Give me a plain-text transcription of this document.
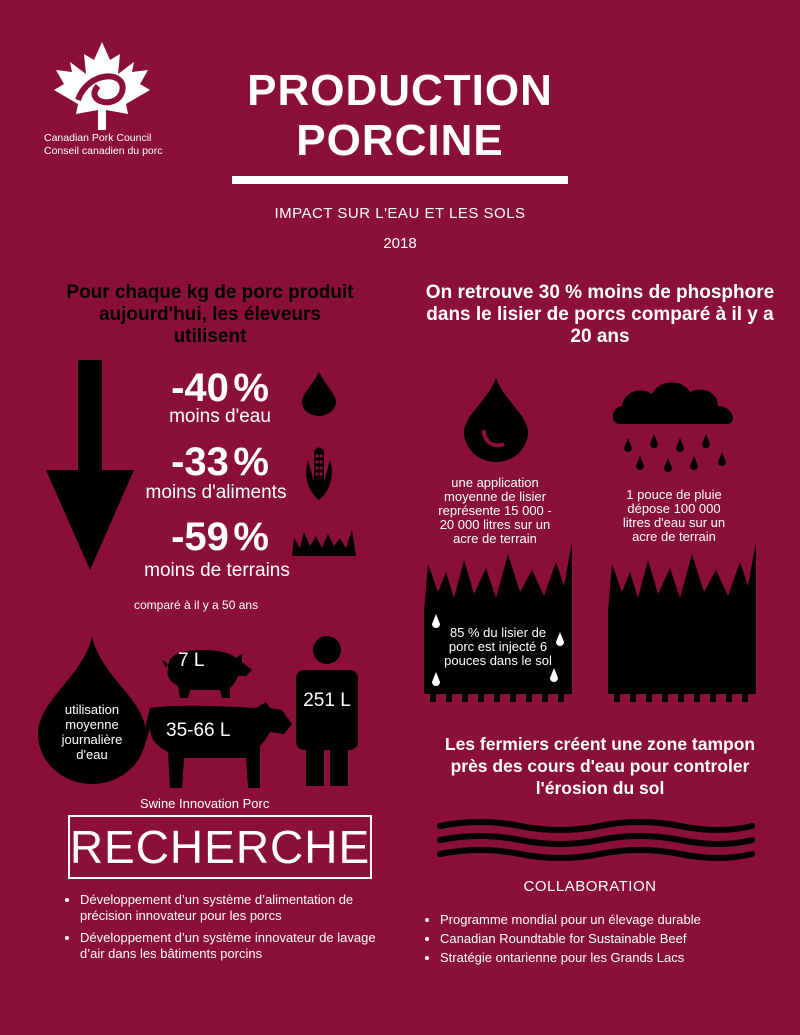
Canadian Pork Council
Conseil canadien du porc
PRODUCTION
PORCINE
IMPACT SUR L'EAU ET LES SOLS
2018
Pour chaque kg de porc produit aujourd'hui, les éleveurs utilisent
-40 %
moins d'eau
-33 %
moins d'aliments
-59 %
moins de terrains
comparé à il y a 50 ans
utilisation moyenne journalière d'eau
7 L
35-66 L
251 L
Swine Innovation Porc
RECHERCHE
• Développement d’un système d’alimentation de précision innovateur pour les porcs
• Développement d’un système innovateur de lavage d’air dans les bâtiments porcins
On retrouve 30 % moins de phosphore dans le lisier de porcs comparé à il y a 20 ans
une application moyenne de lisier représente 15 000 - 20 000 litres sur un acre de terrain
1 pouce de pluie dépose 100 000 litres d'eau sur un acre de terrain
85 % du lisier de porc est injecté 6 pouces dans le sol
Les fermiers créent une zone tampon près des cours d'eau pour controler l'érosion du sol
COLLABORATION
• Programme mondial pour un élevage durable
• Canadian Roundtable for Sustainable Beef
• Stratégie ontarienne pour les Grands Lacs
